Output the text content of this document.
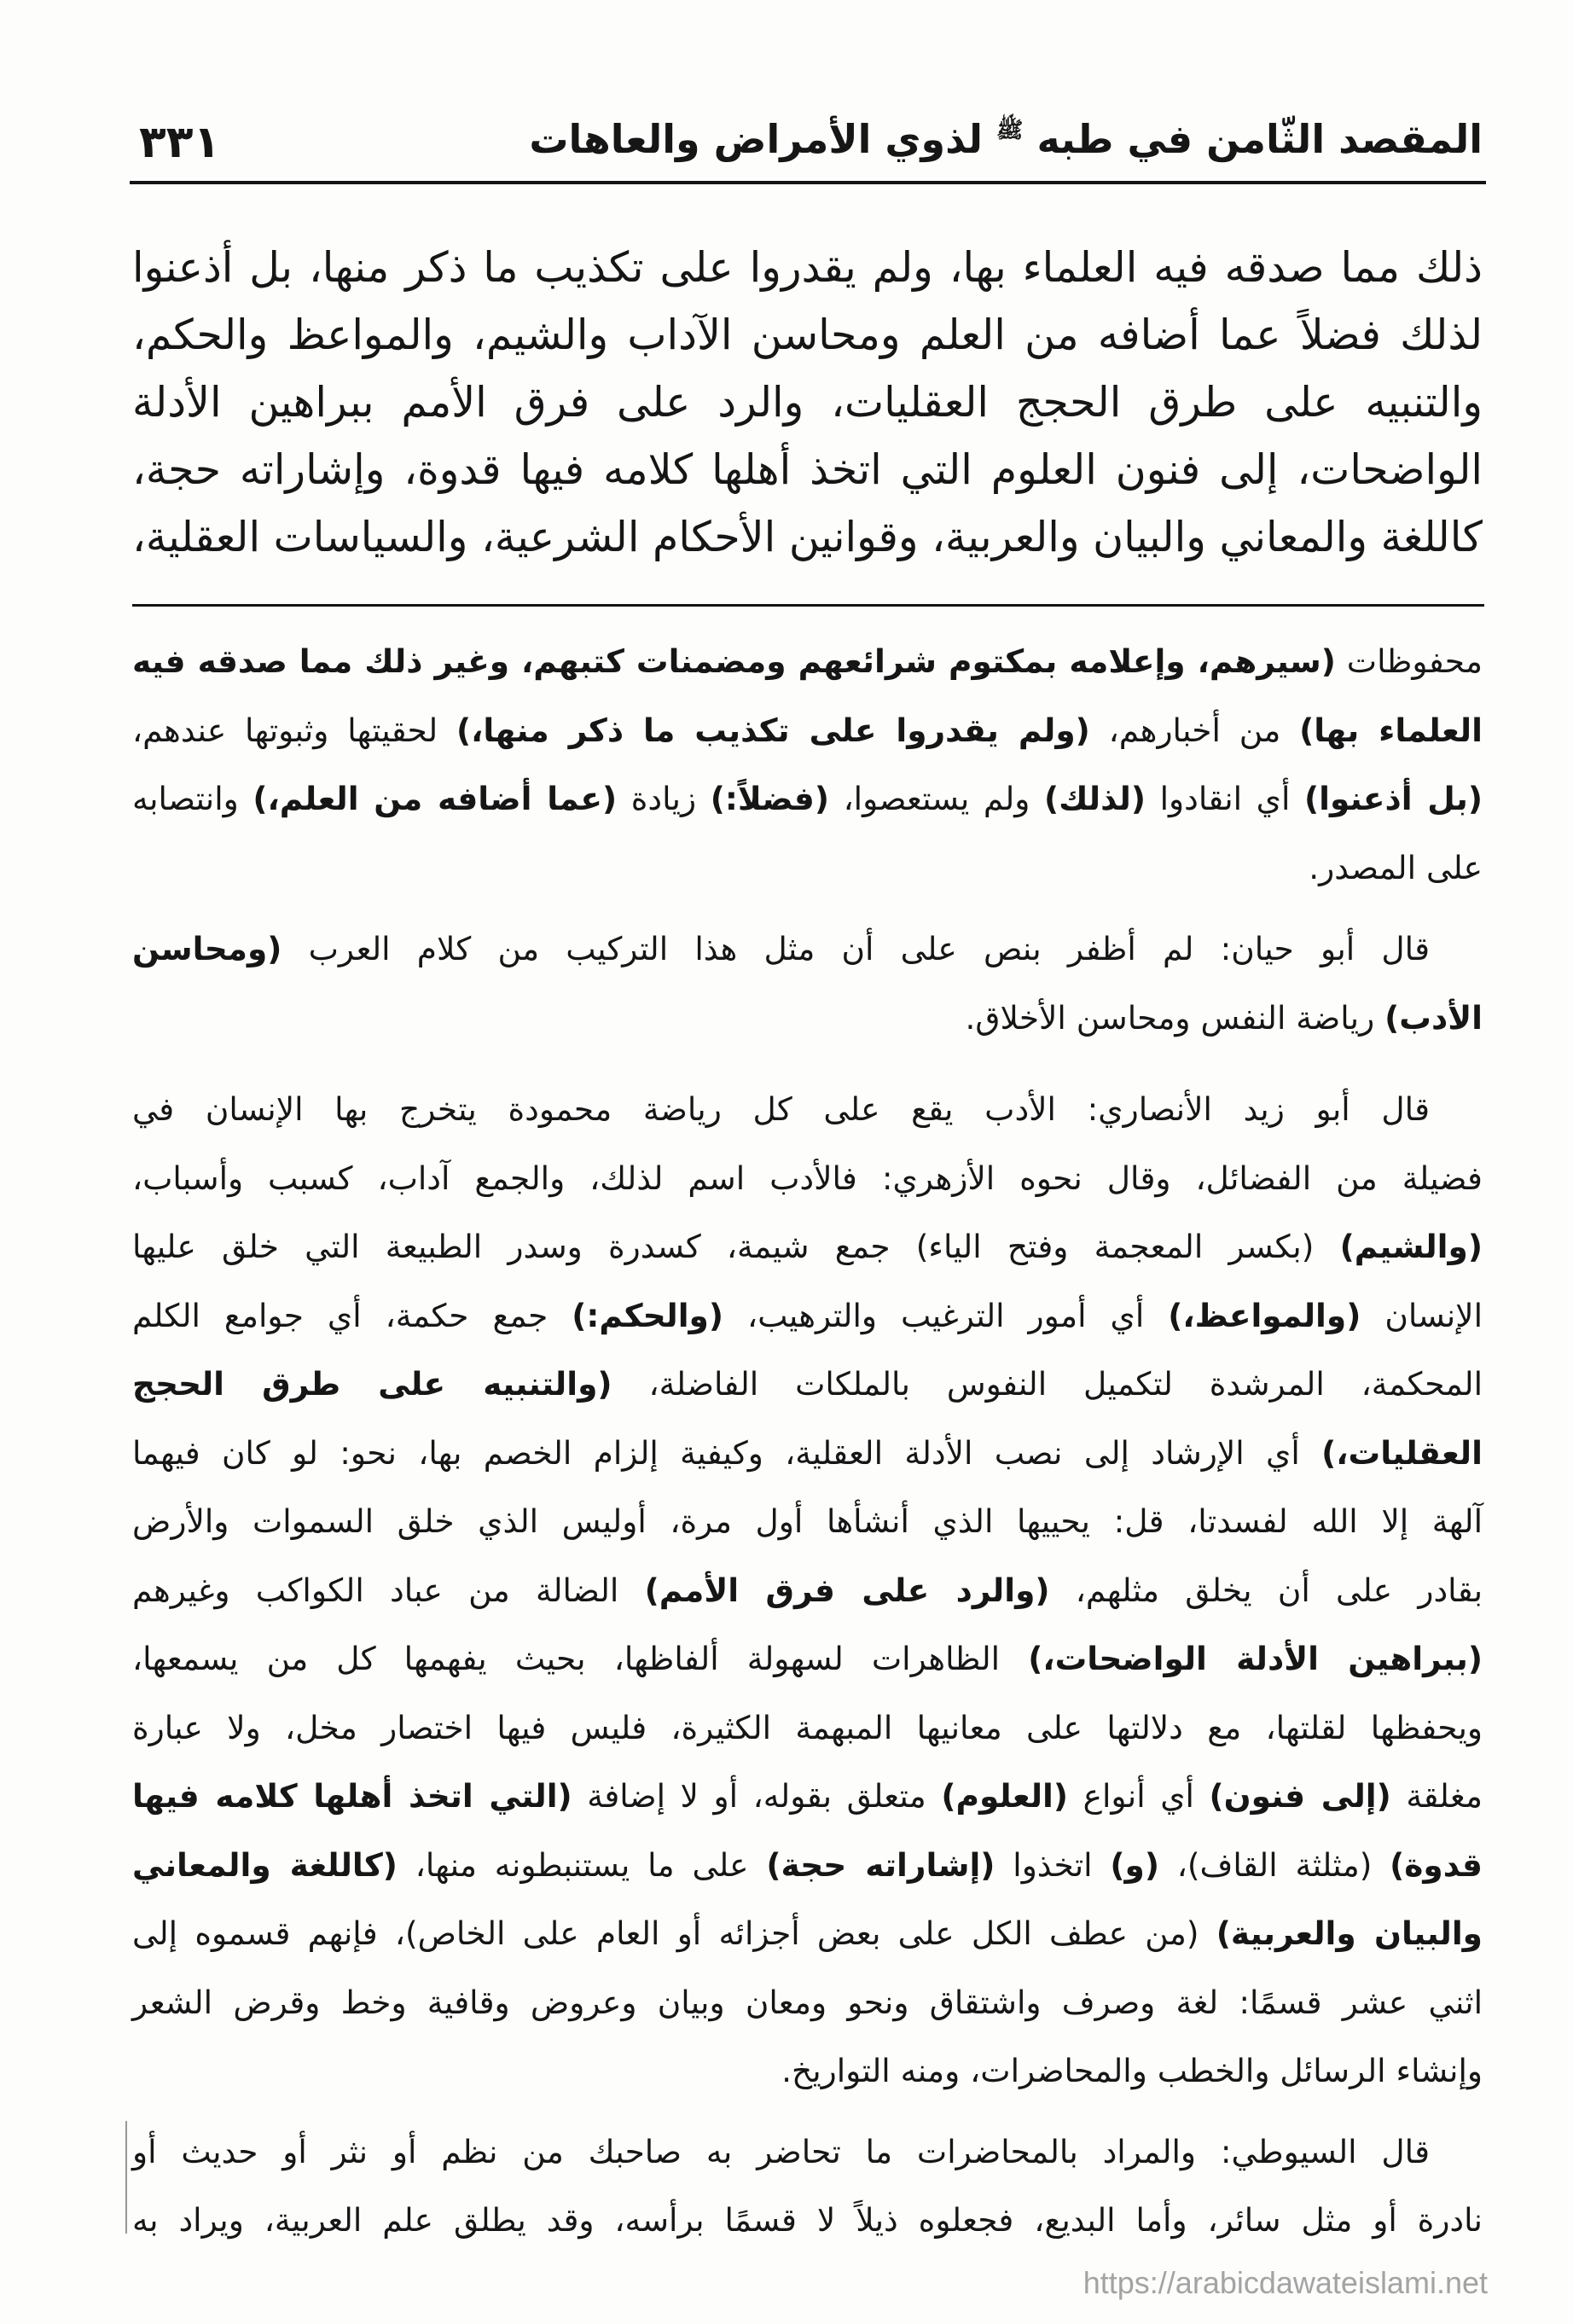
المقصد الثّامن في طبه $^ﷺ$ لذوي الأمراض والعاهات
٣٣١
ذلك مما صدقه فيه العلماء بها، ولم يقدروا على تكذيب ما ذكر منها، بل أذعنوا
لذلك فضلاً عما أضافه من العلم ومحاسن الآداب والشيم، والمواعظ والحكم،
والتنبيه على طرق الحجج العقليات، والرد على فرق الأمم ببراهين الأدلة
الواضحات، إلى فنون العلوم التي اتخذ أهلها كلامه فيها قدوة، وإشاراته حجة،
كاللغة والمعاني والبيان والعربية، وقوانين الأحكام الشرعية، والسياسات العقلية،
محفوظات (سيرهم، وإعلامه بمكتوم شرائعهم ومضمنات كتبهم، وغير ذلك مما صدقه فيه
العلماء بها) من أخبارهم، (ولم يقدروا على تكذيب ما ذكر منها،) لحقيتها وثبوتها عندهم،
(بل أذعنوا) أي انقادوا (لذلك) ولم يستعصوا، (فضلاً:) زيادة (عما أضافه من العلم،) وانتصابه
على المصدر.
قال أبو حيان: لم أظفر بنص على أن مثل هذا التركيب من كلام العرب (ومحاسن
الأدب) رياضة النفس ومحاسن الأخلاق.
قال أبو زيد الأنصاري: الأدب يقع على كل رياضة محمودة يتخرج بها الإنسان في
فضيلة من الفضائل، وقال نحوه الأزهري: فالأدب اسم لذلك، والجمع آداب، كسبب وأسباب،
(والشيم) (بكسر المعجمة وفتح الياء) جمع شيمة، كسدرة وسدر الطبيعة التي خلق عليها
الإنسان (والمواعظ،) أي أمور الترغيب والترهيب، (والحكم:) جمع حكمة، أي جوامع الكلم
المحكمة، المرشدة لتكميل النفوس بالملكات الفاضلة، (والتنبيه على طرق الحجج
العقليات،) أي الإرشاد إلى نصب الأدلة العقلية، وكيفية إلزام الخصم بها، نحو: لو كان فيهما
آلهة إلا الله لفسدتا، قل: يحييها الذي أنشأها أول مرة، أوليس الذي خلق السموات والأرض
بقادر على أن يخلق مثلهم، (والرد على فرق الأمم) الضالة من عباد الكواكب وغيرهم
(ببراهين الأدلة الواضحات،) الظاهرات لسهولة ألفاظها، بحيث يفهمها كل من يسمعها،
ويحفظها لقلتها، مع دلالتها على معانيها المبهمة الكثيرة، فليس فيها اختصار مخل، ولا عبارة
مغلقة (إلى فنون) أي أنواع (العلوم) متعلق بقوله، أو لا إضافة (التي اتخذ أهلها كلامه فيها
قدوة) (مثلثة القاف)، (و) اتخذوا (إشاراته حجة) على ما يستنبطونه منها، (كاللغة والمعاني
والبيان والعربية) (من عطف الكل على بعض أجزائه أو العام على الخاص)، فإنهم قسموه إلى
اثني عشر قسمًا: لغة وصرف واشتقاق ونحو ومعان وبيان وعروض وقافية وخط وقرض الشعر
وإنشاء الرسائل والخطب والمحاضرات، ومنه التواريخ.
قال السيوطي: والمراد بالمحاضرات ما تحاضر به صاحبك من نظم أو نثر أو حديث أو
نادرة أو مثل سائر، وأما البديع، فجعلوه ذيلاً لا قسمًا برأسه، وقد يطلق علم العربية، ويراد به
https://arabicdawateislami.net
